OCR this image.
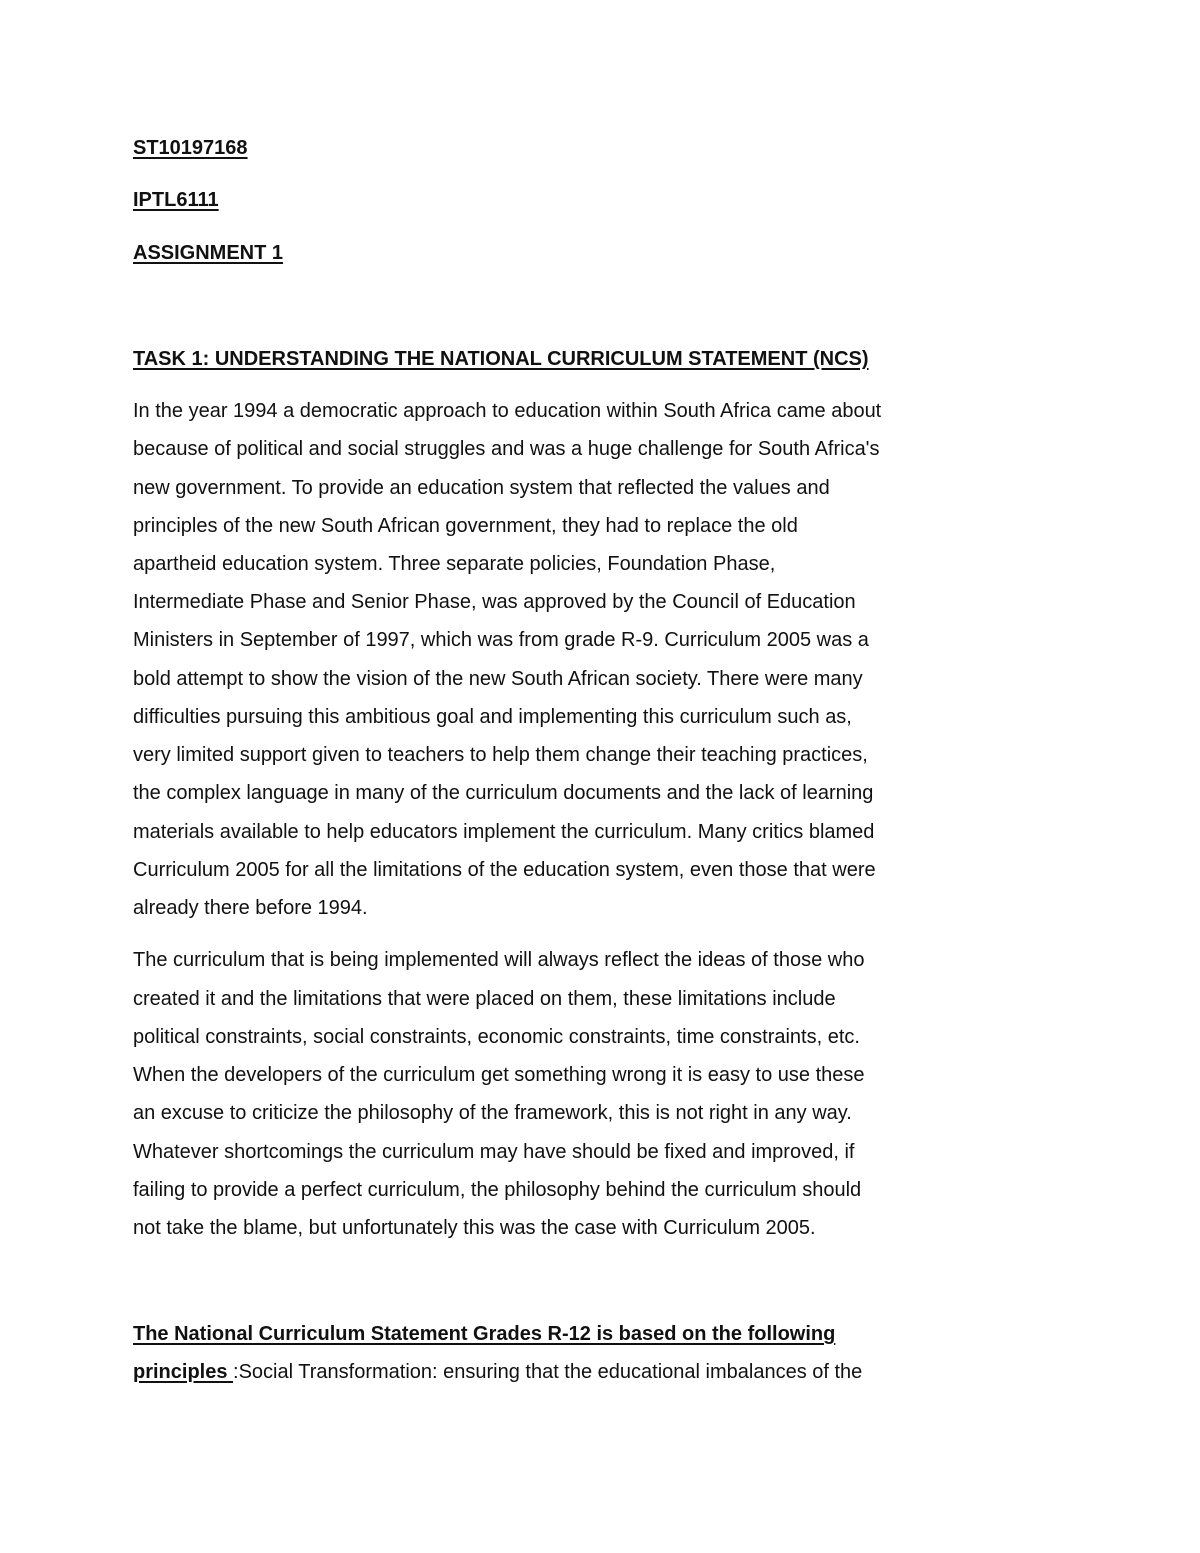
ST10197168
IPTL6111
ASSIGNMENT 1
TASK 1: UNDERSTANDING THE NATIONAL CURRICULUM STATEMENT (NCS)
In the year 1994 a democratic approach to education within South Africa came about
because of political and social struggles and was a huge challenge for South Africa's
new government. To provide an education system that reflected the values and
principles of the new South African government, they had to replace the old
apartheid education system. Three separate policies, Foundation Phase,
Intermediate Phase and Senior Phase, was approved by the Council of Education
Ministers in September of 1997, which was from grade R-9. Curriculum 2005 was a
bold attempt to show the vision of the new South African society. There were many
difficulties pursuing this ambitious goal and implementing this curriculum such as,
very limited support given to teachers to help them change their teaching practices,
the complex language in many of the curriculum documents and the lack of learning
materials available to help educators implement the curriculum. Many critics blamed
Curriculum 2005 for all the limitations of the education system, even those that were
already there before 1994.
The curriculum that is being implemented will always reflect the ideas of those who
created it and the limitations that were placed on them, these limitations include
political constraints, social constraints, economic constraints, time constraints, etc.
When the developers of the curriculum get something wrong it is easy to use these
an excuse to criticize the philosophy of the framework, this is not right in any way.
Whatever shortcomings the curriculum may have should be fixed and improved, if
failing to provide a perfect curriculum, the philosophy behind the curriculum should
not take the blame, but unfortunately this was the case with Curriculum 2005.
The National Curriculum Statement Grades R-12 is based on the following
principles :Social Transformation: ensuring that the educational imbalances of the
